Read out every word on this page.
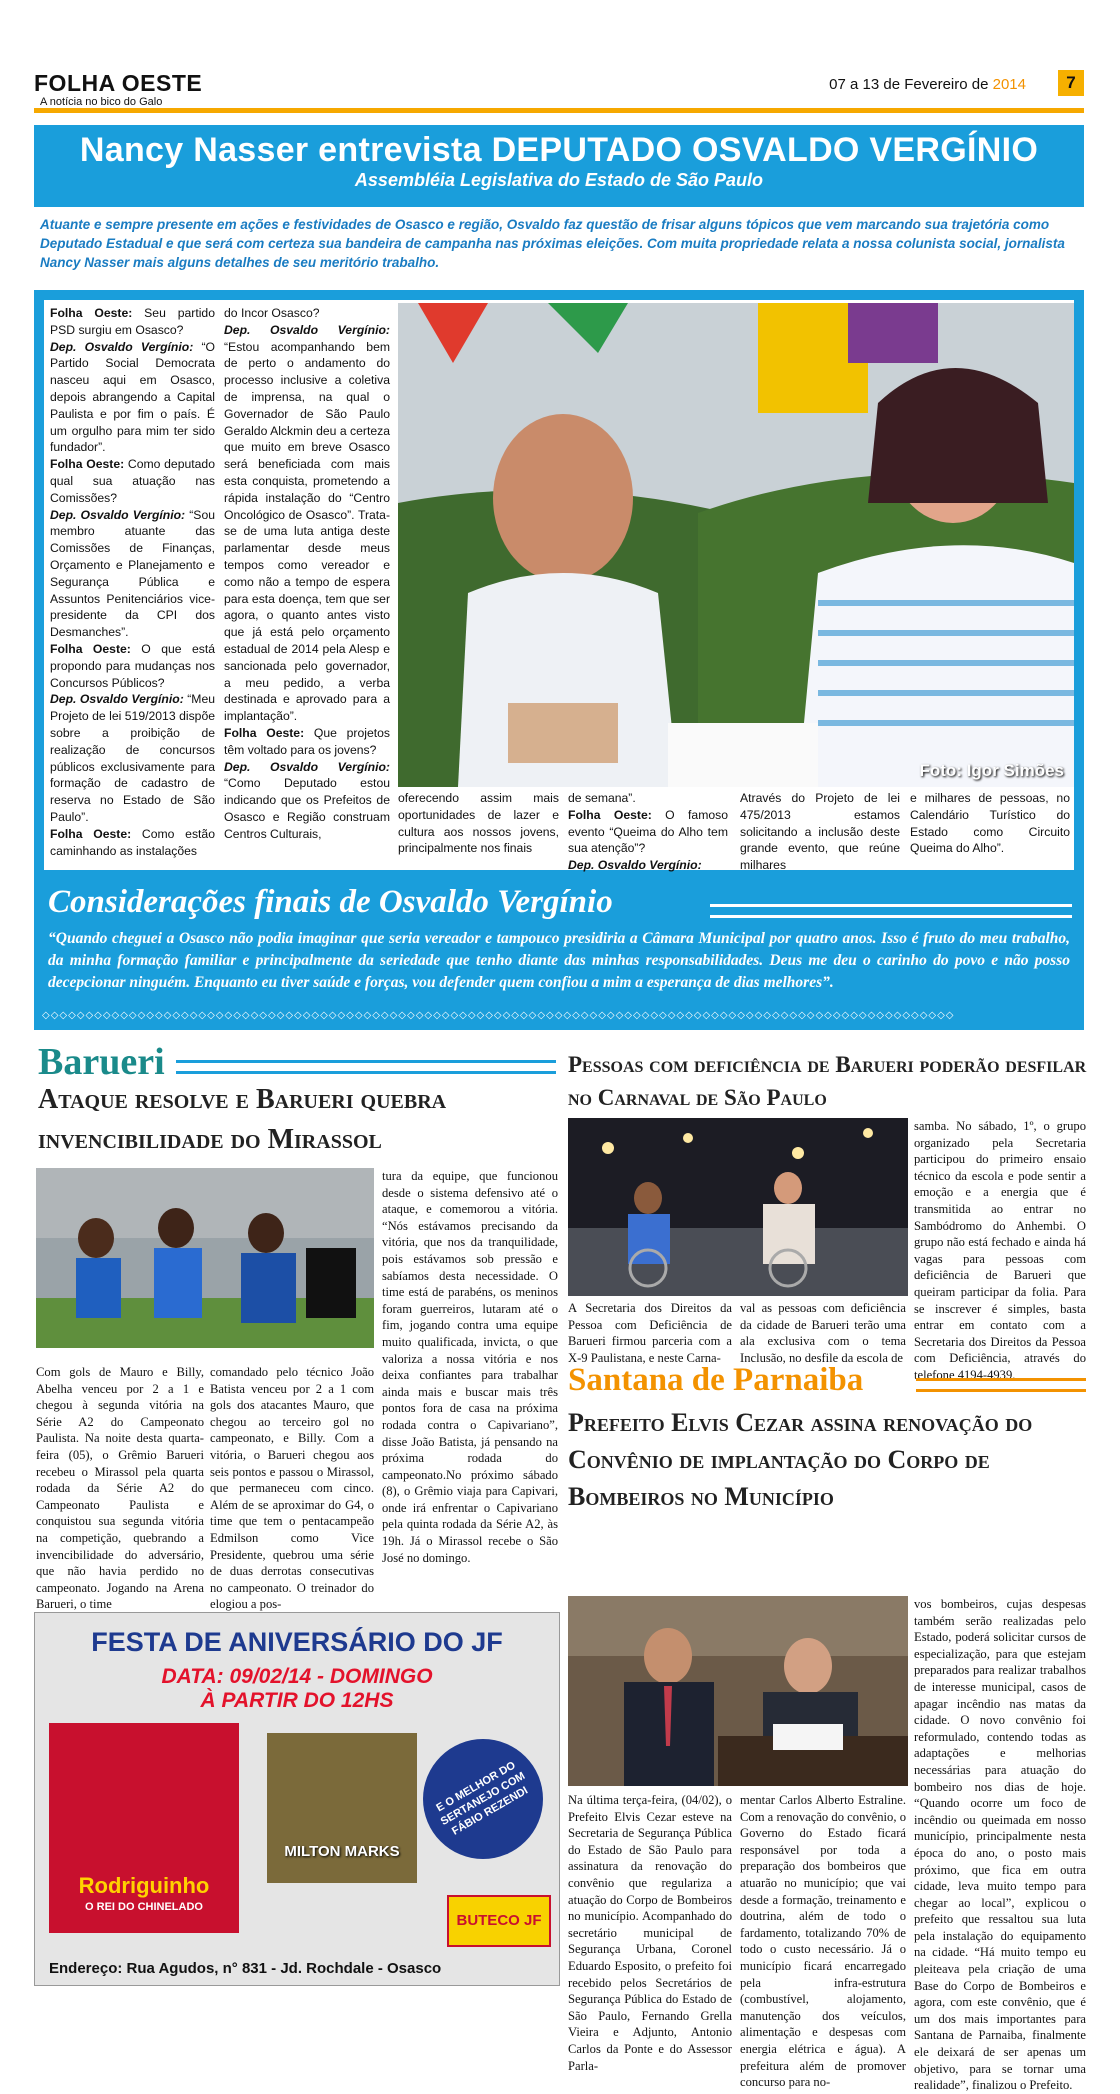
FOLHA OESTE
A notícia no bico do Galo
07 a 13 de Fevereiro de 2014	7
Nancy Nasser entrevista DEPUTADO OSVALDO VERGÍNIO
Assembléia Legislativa do Estado de São Paulo
Atuante e sempre presente em ações e festividades de Osasco e região, Osvaldo faz questão de frisar alguns tópicos que vem marcando sua trajetória como Deputado Estadual e que será com certeza sua bandeira de campanha nas próximas eleições. Com muita propriedade relata a nossa colunista social, jornalista Nancy Nasser mais alguns detalhes de seu meritório trabalho.
Folha Oeste: Seu partido PSD surgiu em Osasco?
Dep. Osvaldo Vergínio: “O Partido Social Democrata nasceu aqui em Osasco, depois abrangendo a Capital Paulista e por fim o país. É um orgulho para mim ter sido fundador”.
Folha Oeste: Como deputado qual sua atuação nas Comissões?
Dep. Osvaldo Vergínio: “Sou membro atuante das Comissões de Finanças, Orçamento e Planejamento e Segurança Pública e Assuntos Penitenciários vice-presidente da CPI dos Desmanches”.
Folha Oeste: O que está propondo para mudanças nos Concursos Públicos?
Dep. Osvaldo Vergínio: “Meu Projeto de lei 519/2013 dispõe sobre a proibição de realização de concursos públicos exclusivamente para formação de cadastro de reserva no Estado de São Paulo”.
Folha Oeste: Como estão caminhando as instalações

do Incor Osasco?
Dep. Osvaldo Vergínio: “Estou acompanhando bem de perto o andamento do processo inclusive a coletiva de imprensa, na qual o Governador de São Paulo Geraldo Alckmin deu a certeza que muito em breve Osasco será beneficiada com mais esta conquista, prometendo a rápida instalação do “Centro Oncológico de Osasco”. Trata-se de uma luta antiga deste parlamentar desde meus tempos como vereador e como não a tempo de espera para esta doença, tem que ser agora, o quanto antes visto que já está pelo orçamento estadual de 2014 pela Alesp e sancionada pelo governador, a meu pedido, a verba destinada e aprovado para a implantação”.
Folha Oeste: Que projetos têm voltado para os jovens?
Dep. Osvaldo Vergínio: “Como Deputado estou indicando que os Prefeitos de Osasco e Região construam Centros Culturais,

Foto: Igor Simões
oferecendo assim mais oportunidades de lazer e cultura aos nossos jovens, principalmente nos finais
de semana”.
Folha Oeste: O famoso evento “Queima do Alho tem sua atenção”?
Dep. Osvaldo Vergínio:

Através do Projeto de lei 475/2013 estamos solicitando a inclusão deste grande evento, que reúne milhares
e milhares de pessoas, no Calendário Turístico do Estado como Circuito Queima do Alho”.
Considerações finais de Osvaldo Vergínio
“Quando cheguei a Osasco não podia imaginar que seria vereador e tampouco presidiria a Câmara Municipal por quatro anos. Isso é fruto do meu trabalho, da minha formação familiar e principalmente da seriedade que tenho diante das minhas responsabilidades. Deus me deu o carinho do povo e não posso decepcionar ninguém. Enquanto eu tiver saúde e forças, vou defender quem confiou a mim a esperança de dias melhores”.
◇◇◇◇◇◇◇◇◇◇◇◇◇◇◇◇◇◇◇◇◇◇◇◇◇◇◇◇◇◇◇◇◇◇◇◇◇◇◇◇◇◇◇◇◇◇◇◇◇◇◇◇◇◇◇◇◇◇◇◇◇◇◇◇◇◇◇◇◇◇◇◇◇◇◇◇◇◇◇◇◇◇◇◇◇◇◇◇◇◇◇◇◇◇◇◇◇◇◇◇◇◇◇◇◇
Barueri
Ataque resolve e Barueri quebra invencibilidade do Mirassol
Com gols de Mauro e Billy, Abelha venceu por 2 a 1 e chegou à segunda vitória na Série A2 do Campeonato Paulista. Na noite desta quarta-feira (05), o Grêmio Barueri recebeu o Mirassol pela quarta rodada da Série A2 do Campeonato Paulista e conquistou sua segunda vitória na competição, quebrando a invencibilidade do adversário, que não havia perdido no campeonato. Jogando na Arena Barueri, o time
comandado pelo técnico João Batista venceu por 2 a 1 com gols dos atacantes Mauro, que chegou ao terceiro gol no campeonato, e Billy. Com a vitória, o Barueri chegou aos seis pontos e passou o Mirassol, que permaneceu com cinco. Além de se aproximar do G4, o time que tem o pentacampeão Edmilson como Vice Presidente, quebrou uma série de duas derrotas consecutivas no campeonato. O treinador do elogiou a pos-
tura da equipe, que funcionou desde o sistema defensivo até o ataque, e comemorou a vitória. “Nós estávamos precisando da vitória, que nos da tranquilidade, pois estávamos sob pressão e sabíamos desta necessidade. O time está de parabéns, os meninos foram guerreiros, lutaram até o fim, jogando contra uma equipe muito qualificada, invicta, o que valoriza a nossa vitória e nos deixa confiantes para trabalhar ainda mais e buscar mais três pontos fora de casa na próxima rodada contra o Capivariano”, disse João Batista, já pensando na próxima rodada do campeonato.No próximo sábado (8), o Grêmio viaja para Capivari, onde irá enfrentar o Capivariano pela quinta rodada da Série A2, às 19h. Já o Mirassol recebe o São José no domingo.
FESTA DE ANIVERSÁRIO DO JF
DATA: 09/02/14 - DOMINGO
À PARTIR DO 12HS
Rodriguinho
O REI DO CHINELADO
MILTON MARKS
E O MELHOR DO SERTANEJO COM FÁBIO REZENDI
BUTECO JF
Endereço: Rua Agudos, n° 831 - Jd. Rochdale - Osasco
Pessoas com deficiência de Barueri poderão desfilar no Carnaval de São Paulo
A Secretaria dos Direitos da Pessoa com Deficiência de Barueri firmou parceria com a X-9 Paulistana, e neste Carna-
val as pessoas com deficiência da cidade de Barueri terão uma ala exclusiva com o tema Inclusão, no desfile da escola de
samba. No sábado, 1º, o grupo organizado pela Secretaria participou do primeiro ensaio técnico da escola e pode sentir a emoção e a energia que é transmitida ao entrar no Sambódromo do Anhembi. O grupo não está fechado e ainda há vagas para pessoas com deficiência de Barueri que queiram participar da folia. Para se inscrever é simples, basta entrar em contato com a Secretaria dos Direitos da Pessoa com Deficiência, através do telefone 4194-4939.
Santana de Parnaiba
Prefeito Elvis Cezar assina renovação do Convênio de implantação do Corpo de Bombeiros no Município
Na última terça-feira, (04/02), o Prefeito Elvis Cezar esteve na Secretaria de Segurança Pública do Estado de São Paulo para assinatura da renovação do convênio que regulariza a atuação do Corpo de Bombeiros no município. Acompanhado do secretário municipal de Segurança Urbana, Coronel Eduardo Esposito, o prefeito foi recebido pelos Secretários de Segurança Pública do Estado de São Paulo, Fernando Grella Vieira e Adjunto, Antonio Carlos da Ponte e do Assessor Parla-
mentar Carlos Alberto Estraline. Com a renovação do convênio, o Governo do Estado ficará responsável por toda a preparação dos bombeiros que atuarão no município; que vai desde a formação, treinamento e doutrina, além de todo o fardamento, totalizando 70% de todo o custo necessário. Já o município ficará encarregado pela infra-estrutura (combustível, alojamento, manutenção dos veículos, alimentação e despesas com energia elétrica e água). A prefeitura além de promover concurso para no-
vos bombeiros, cujas despesas também serão realizadas pelo Estado, poderá solicitar cursos de especialização, para que estejam preparados para realizar trabalhos de interesse municipal, casos de apagar incêndio nas matas da cidade. O novo convênio foi reformulado, contendo todas as adaptações e melhorias necessárias para atuação do bombeiro nos dias de hoje. “Quando ocorre um foco de incêndio ou queimada em nosso município, principalmente nesta época do ano, o posto mais próximo, que fica em outra cidade, leva muito tempo para chegar ao local”, explicou o prefeito que ressaltou sua luta pela instalação do equipamento na cidade. “Há muito tempo eu pleiteava pela criação de uma Base do Corpo de Bombeiros e agora, com este convênio, que é um dos mais importantes para Santana de Parnaiba, finalmente ele deixará de ser apenas um objetivo, para se tornar uma realidade”, finalizou o Prefeito.
